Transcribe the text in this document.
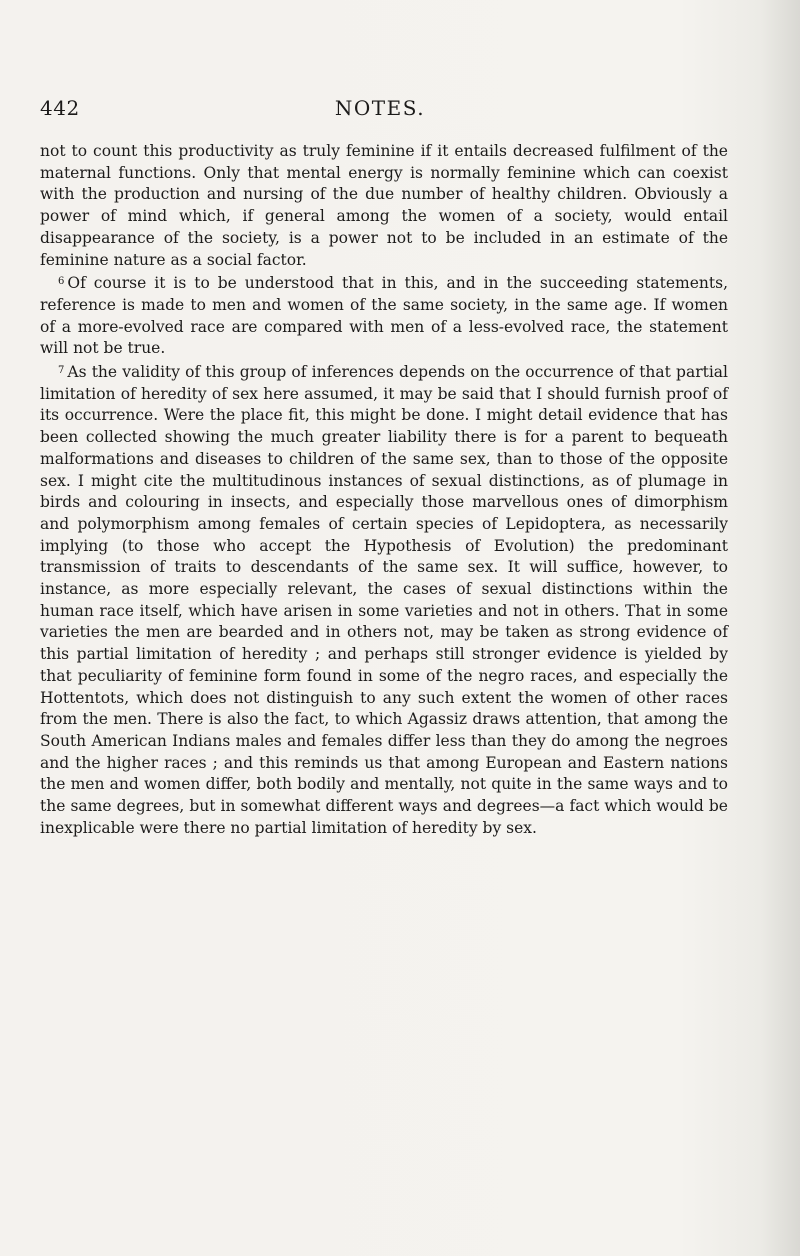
442	NOTES.

not to count this productivity as truly feminine if it entails decreased fulfilment of the maternal functions. Only that mental energy is normally feminine which can coexist with the production and nursing of the due number of healthy children. Obviously a power of mind which, if general among the women of a society, would entail disappearance of the society, is a power not to be included in an estimate of the feminine nature as a social factor.

$^6$ Of course it is to be understood that in this, and in the succeeding statements, reference is made to men and women of the same society, in the same age. If women of a more-evolved race are compared with men of a less-evolved race, the statement will not be true.

$^7$ As the validity of this group of inferences depends on the occurrence of that partial limitation of heredity of sex here assumed, it may be said that I should furnish proof of its occurrence. Were the place fit, this might be done. I might detail evidence that has been collected showing the much greater liability there is for a parent to bequeath malformations and diseases to children of the same sex, than to those of the opposite sex. I might cite the multitudinous instances of sexual distinctions, as of plumage in birds and colouring in insects, and especially those marvellous ones of dimorphism and polymorphism among females of certain species of Lepidoptera, as necessarily implying (to those who accept the Hypothesis of Evolution) the predominant transmission of traits to descendants of the same sex. It will suffice, however, to instance, as more especially relevant, the cases of sexual distinctions within the human race itself, which have arisen in some varieties and not in others. That in some varieties the men are bearded and in others not, may be taken as strong evidence of this partial limitation of heredity ; and perhaps still stronger evidence is yielded by that peculiarity of feminine form found in some of the negro races, and especially the Hottentots, which does not distinguish to any such extent the women of other races from the men. There is also the fact, to which Agassiz draws attention, that among the South American Indians males and females differ less than they do among the negroes and the higher races ; and this reminds us that among European and Eastern nations the men and women differ, both bodily and mentally, not quite in the same ways and to the same degrees, but in somewhat different ways and degrees—a fact which would be inexplicable were there no partial limitation of heredity by sex.
